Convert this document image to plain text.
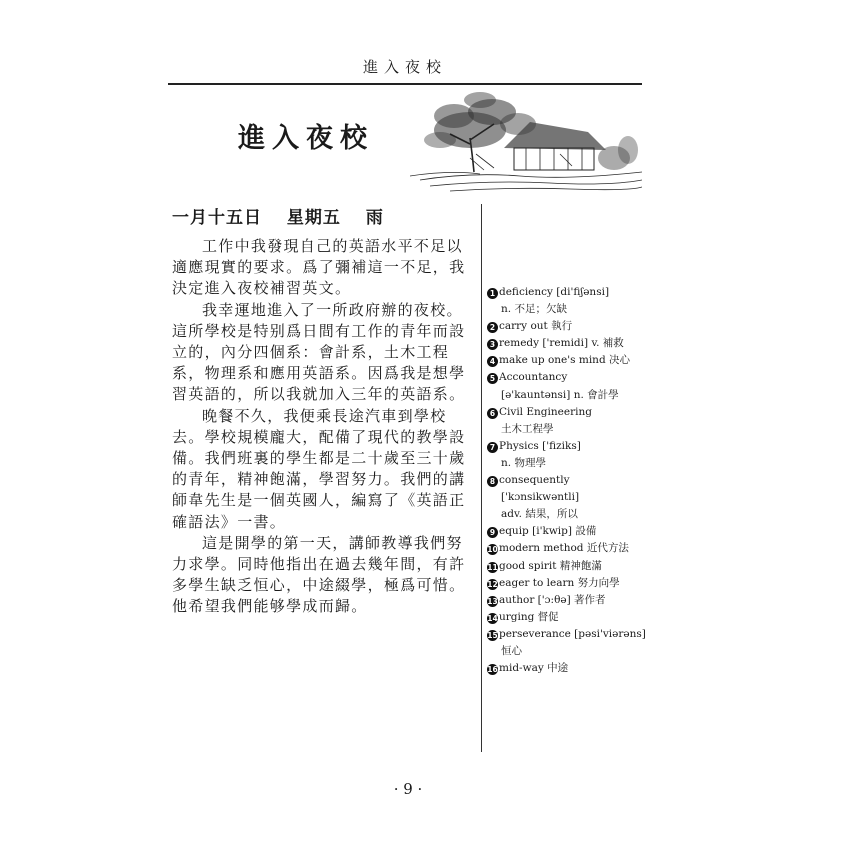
進入夜校
進入夜校
一月十五日 星期五 雨

工作中我發現自己的英語水平不足以適應現實的要求。爲了彌補這一不足，我決定進入夜校補習英文。

我幸運地進入了一所政府辦的夜校。這所學校是特别爲日間有工作的青年而設立的，內分四個系：會計系，土木工程系，物理系和應用英語系。因爲我是想學習英語的，所以我就加入三年的英語系。

晚餐不久，我便乘長途汽車到學校去。學校規模龐大，配備了現代的教學設備。我們班裏的學生都是二十歲至三十歲的青年，精神飽滿，學習努力。我們的講師韋先生是一個英國人，編寫了《英語正確語法》一書。

這是開學的第一天，講師教導我們努力求學。同時他指出在過去幾年間，有許多學生缺乏恒心，中途綴學，極爲可惜。他希望我們能够學成而歸。

1 deficiency [di'fiʃənsi]
n. 不足；欠缺
2 carry out 執行
3 remedy ['remidi] v. 補救
4 make up one's mind 决心
5 Accountancy
[ə'kauntənsi] n. 會計學
6 Civil Engineering
土木工程學
7 Physics ['fiziks]
n. 物理學
8 consequently
['kɔnsikwəntli]
adv. 結果，所以
9 equip [i'kwip] 設備
10modern method 近代方法
11good spirit 精神飽滿
12eager to learn 努力向學
13author ['ɔ:θə] 著作者
14urging 督促
15perseverance [pəsi'viərəns]
恒心
16mid-way 中途
· 9 ·
